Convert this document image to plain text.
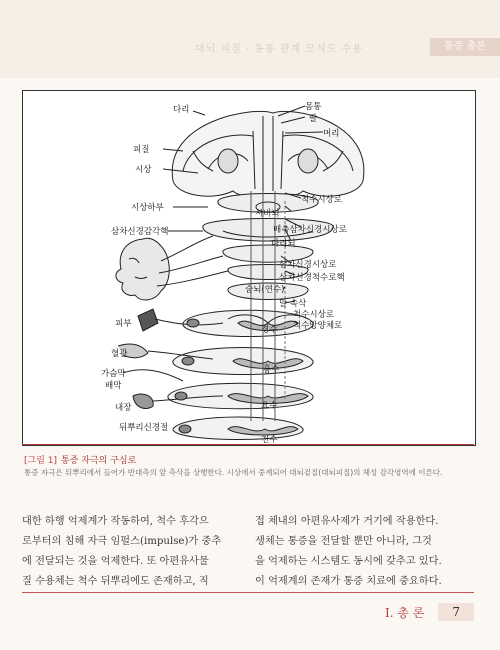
대뇌 피질 · 동통 관계 모식도 수용	통증 총론
다리	몸통
팔
머리
피질
시상
척수시상로
시상하부
시비뇌
삼차신경감각핵	배측삼차신경시상로
다리뇌
삼차신경시상로
삼차신경척수로핵
숨뇌(연수)
말 속삭
척수시상로
척수망양체로
피부
혈관
경수
가슴막
배막
흉수
내장	요수
뒤뿌리신경절
천수
[그림 1] 통증 자극의 구심로
통증 자극은 뒤뿌리에서 들어가 반대측의 앞 측삭을 상행한다. 시상에서 중계되어 대뇌겉질(대뇌피질)의 체성 감각영역에 이른다.

대한 하행 억제계가 작동하여, 척수 후각으

로부터의 침해 자극 임펄스(impulse)가 중추

에 전달되는 것을 억제한다. 또 아편유사물

질 수용체는 척수 뒤뿌리에도 존재하고, 직

접 체내의 아편유사제가 거기에 작용한다.

생체는 통증을 전달할 뿐만 아니라, 그것

을 억제하는 시스템도 동시에 갖추고 있다.

이 억제계의 존재가 통증 치료에 중요하다.

I. 총 론	7
